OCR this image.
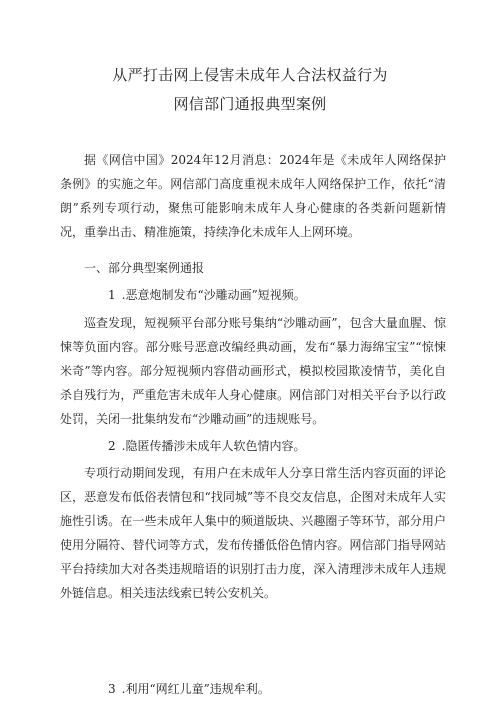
从严打击网上侵害未成年人合法权益行为
网信部门通报典型案例

据《网信中国》2024年12月消息：2024年是《未成年人网络保护条例》的实施之年。网信部门高度重视未成年人网络保护工作，依托“清朗”系列专项行动，聚焦可能影响未成年人身心健康的各类新问题新情况，重拳出击、精准施策，持续净化未成年人上网环境。

一、部分典型案例通报

1 .恶意炮制发布“沙雕动画”短视频。

巡查发现，短视频平台部分账号集纳“沙雕动画”，包含大量血腥、惊悚等负面内容。部分账号恶意改编经典动画，发布“暴力海绵宝宝”“惊悚米奇”等内容。部分短视频内容借动画形式，模拟校园欺凌情节，美化自杀自残行为，严重危害未成年人身心健康。网信部门对相关平台予以行政处罚，关闭一批集纳发布“沙雕动画”的违规账号。

2 .隐匿传播涉未成年人软色情内容。

专项行动期间发现，有用户在未成年人分享日常生活内容页面的评论区，恶意发布低俗表情包和“找同城”等不良交友信息，企图对未成年人实施性引诱。在一些未成年人集中的频道版块、兴趣圈子等环节，部分用户使用分隔符、替代词等方式，发布传播低俗色情内容。网信部门指导网站平台持续加大对各类违规暗语的识别打击力度，深入清理涉未成年人违规外链信息。相关违法线索已转公安机关。

3 .利用“网红儿童”违规牟利。
